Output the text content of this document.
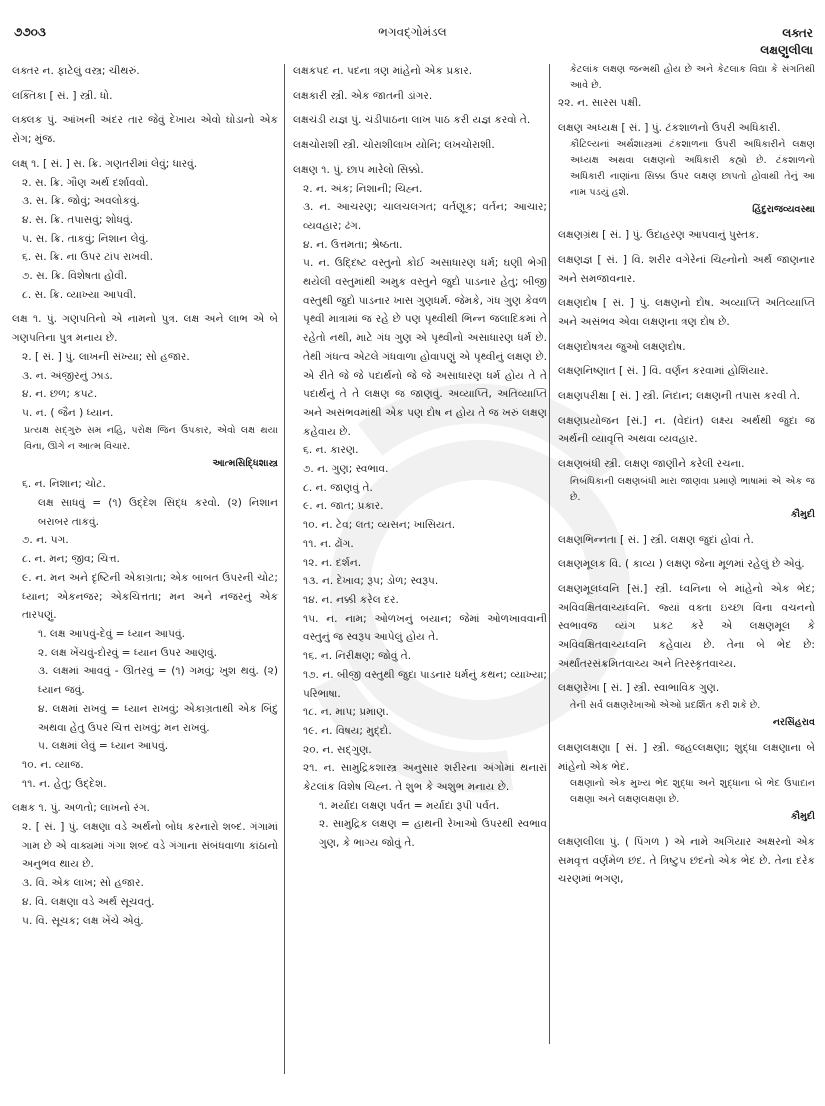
૭૭૦૩	ભગવદ્ગોમંડલ	લક્તર
લક્ષણુલીલા

લક્તર ન. ફાટેલું વસ્ત્ર; ચીથરું.

લક્તિકા [ સં. ] સ્ત્રી. ધો.

લક્લક પું. આંખની અંદર તાર જેવું દેખાય એવો ઘોડાનો એક રોગ; મુંજ.

લક્ષ્ ૧. [ સં. ] સ. ક્રિ. ગણતરીમાં લેવું; ધારવું.

૨. સ. ક્રિ. ગૌણ અર્થ દર્શાવવો.

૩. સ. ક્રિ. જોવું; અવલોકવું.

૪. સ. ક્રિ. તપાસવું; શોધવું.

૫. સ. ક્રિ. તાકવું; નિશાન લેવું.

૬. સ. ક્રિ. ના ઉપર ટાંપ રાખવી.

૭. સ. ક્રિ. વિશેષતા હોવી.

૮. સ. ક્રિ. વ્યાખ્યા આપવી.

લક્ષ ૧. પું. ગણપતિનો એ નામનો પુત્ર. લક્ષ અને લાભ એ બે ગણપતિના પુત્ર મનાય છે.

૨. [ સં. ] પું. લાખની સંખ્યા; સો હજાર.

૩. ન. અંજીરનું ઝાડ.

૪. ન. છળ; કપટ.

૫. ન. ( જૈન ) ધ્યાન.

પ્રત્યક્ષ સદ્ગુરુ સમ નહિ, પરોક્ષ જિન ઉપકાર, એવો લક્ષ થયા વિના, ઊગે ન આત્મ વિચાર.

આત્મસિદ્ધિશાસ્ત્ર

૬. ન. નિશાન; ચોટ.

લક્ષ સાધવું = (૧) ઉદ્દેશ સિદ્ધ કરવો. (૨) નિશાન બરાબર તાકવું.

૭. ન. પગ.

૮. ન. મન; જીવ; ચિત્ત.

૯. ન. મન અને દૃષ્ટિની એકાગ્રતા; એક બાબત ઉપરની ચોટ; ધ્યાન; એકનજર; એકચિત્તતા; મન અને નજરનું એક તારપણું.

૧. લક્ષ આપવું-દેવું = ધ્યાન આપવું.

૨. લક્ષ ખેંચવું-દોરવું = ધ્યાન ઉપર આણવું.

૩. લક્ષમાં આવવું - ઊતરવું = (૧) ગમવું; ખુશ થવું. (૨) ધ્યાન જવું.

૪. લક્ષમાં રાખવું = ધ્યાન રાખવું; એકાગ્રતાથી એક બિંદુ અથવા હેતુ ઉપર ચિત્ત રાખવું; મન રાખવું.

૫. લક્ષમાં લેવું = ધ્યાન આપવું.

૧૦. ન. વ્યાજ.

૧૧. ન. હેતુ; ઉદ્દેશ.

લક્ષક ૧. પું. અળતો; લાખનો રંગ.

૨. [ સં. ] પું. લક્ષણા વડે અર્થનો બોધ કરનારો શબ્દ. ગંગામાં ગામ છે એ વાક્યમાં ગંગા શબ્દ વડે ગંગાના સંબંધવાળા કાંઠાનો અનુભવ થાય છે.

૩. વિ. એક લાખ; સો હજાર.

૪. વિ. લક્ષણા વડે અર્થ સૂચવતું.

૫. વિ. સૂચક; લક્ષ ખેંચે એવું.

લક્ષકપદ ન. પદના ત્રણ માંહેનો એક પ્રકાર.

લક્ષકારી સ્ત્રી. એક જાતની ડાંગર.

લક્ષચંડી યજ્ઞ પું. ચંડીપાઠના લાખ પાઠ કરી યજ્ઞ કરવો તે.

લક્ષચોરાશી સ્ત્રી. ચોરાશીલાખ યોનિ; લખચોરાશી.

લક્ષણ ૧. પું. છાપ મારેલો સિક્કો.

૨. ન. અંક; નિશાની; ચિહ્ન.

૩. ન. આચરણ; ચાલચલગત; વર્તણૂક; વર્તન; આચાર; વ્યવહાર; ઢંગ.

૪. ન. ઉત્તમતા; શ્રેષ્ઠતા.

૫. ન. ઉદ્દિષ્ટ વસ્તુનો કોઈ અસાધારણ ધર્મ; ઘણી ભેગી થયેલી વસ્તુમાંથી અમુક વસ્તુને જુદો પાડનાર હેતુ; બીજી વસ્તુથી જુદો પાડનાર ખાસ ગુણધર્મ. જેમકે, ગંધ ગુણ કેવળ પૃથ્વી માત્રામાં જ રહે છે પણ પૃથ્વીથી ભિન્ન જલાદિકમાં તે રહેતો નથી, માટે ગંધ ગુણ એ પૃથ્વીનો અસાધારણ ધર્મ છે. તેથી ગંધત્વ એટલે ગંધવાળા હોવાપણું એ પૃથ્વીનું લક્ષણ છે. એ રીતે જે જે પદાર્થનો જે જે અસાધારણ ધર્મ હોય તે તે પદાર્થનું તે તે લક્ષણ જ જાણવું. અવ્યાપ્તિ, અતિવ્યાપ્તિ અને અસંભવમાંથી એક પણ દોષ ન હોય તે જ ખરું લક્ષણ કહેવાય છે.

૬. ન. કારણ.

૭. ન. ગુણ; સ્વભાવ.

૮. ન. જાણવું તે.

૯. ન. જાત; પ્રકાર.

૧૦. ન. ટેવ; લત; વ્યસન; ખાસિયત.

૧૧. ન. ઢોંગ.

૧૨. ન. દર્શન.

૧૩. ન. દેખાવ; રૂપ; ડોળ; સ્વરૂપ.

૧૪. ન. નક્કી કરેલ દર.

૧૫. ન. નામ; ઓળખનું બયાન; જેમાં ઓળખાવવાની વસ્તુનું જ સ્વરૂપ આપેલું હોય તે.

૧૬. ન. નિરીક્ષણ; જોવું તે.

૧૭. ન. બીજી વસ્તુથી જુદા પાડનાર ધર્મનું કથન; વ્યાખ્યા; પરિભાષા.

૧૮. ન. માપ; પ્રમાણ.

૧૯. ન. વિષય; મુદ્દો.

૨૦. ન. સદ્ગુણ.

૨૧. ન. સામુદ્રિકશાસ્ત્ર અનુસાર શરીરના અંગોમાં થનારાં કેટલાંક વિશેષ ચિહ્ન. તે શુભ કે અશુભ મનાય છે.

૧. મર્યાદા લક્ષણ પર્વત = મર્યાદા રૂપી પર્વત.

૨. સામુદ્રિક લક્ષણ = હાથની રેખાઓ ઉપરથી સ્વભાવ ગુણ, કે ભાગ્ય જોવું તે.

કેટલાંક લક્ષણ જન્મથી હોય છે અને કેટલાક વિદ્યા કે સંગતિથી આવે છે.

૨૨. ન. સારસ પક્ષી.

લક્ષણ અધ્યક્ષ [ સં. ] પું. ટંકશાળનો ઉપરી અધિકારી.

કૌટિલ્યનાં અર્થશાસ્ત્રમાં ટંકશાળના ઉપરી અધિકારીને લક્ષણ અધ્યક્ષ અથવા લક્ષણનો અધિકારી કહ્યો છે. ટંકશાળનો અધિકારી નાણાંના સિક્કા ઉપર લક્ષણ છાપતો હોવાથી તેનું આ નામ પડયું હશે.

હિંદુરાજવ્યવસ્થા

લક્ષણગ્રંથ [ સં. ] પું. ઉદાહરણ આપવાનું પુસ્તક.

લક્ષણજ્ઞ [ સં. ] વિ. શરીર વગેરેનાં ચિહ્નોનો અર્થ જાણનાર અને સમજાવનાર.

લક્ષણદોષ [ સં. ] પું. લક્ષણનો દોષ. અવ્યાપ્તિ અતિવ્યાપ્તિ અને અસંભવ એવા લક્ષણના ત્રણ દોષ છે.

લક્ષણદોષત્રય જુઓ લક્ષણદોષ.

લક્ષણનિષ્ણાત [ સં. ] વિ. વર્ણન કરવામાં હોશિયાર.

લક્ષણપરીક્ષા [ સં. ] સ્ત્રી. નિદાન; લક્ષણની તપાસ કરવી તે.

લક્ષણપ્રયોજન [સં.] ન. (વેદાંત) લક્ષ્ય અર્થથી જુદા જ અર્થની વ્યાવૃત્તિ અથવા વ્યવહાર.

લક્ષણબંધી સ્ત્રી. લક્ષણ જાણીને કરેલી રચના.

નિબંધિકાની લક્ષણબંધી મારા જાણવા પ્રમાણે ભાષામાં એ એક જ છે.

કૌમુદી

લક્ષણભિન્નતા [ સં. ] સ્ત્રી. લક્ષણ જુદાં હોવાં તે.

લક્ષણમૂલક વિ. ( કાવ્ય ) લક્ષણ જેના મૂળમાં રહેલું છે એવું.

લક્ષણમૂલધ્વનિ [સં.] સ્ત્રી. ધ્વનિના બે માંહેનો એક ભેદ; અવિવક્ષિતવાચ્યધ્વનિ. જ્યાં વક્તા ઇચ્છા વિના વચનનો સ્વભાવજ વ્યંગ પ્રકટ કરે એ લક્ષણમૂલ કે અવિવક્ષિતવાચ્યધ્વનિ કહેવાય છે. તેના બે ભેદ છે: અર્થાંતરસંક્રમિતવાચ્ય અને તિરસ્કૃતવાચ્ય.

લક્ષણરેખા [ સં. ] સ્ત્રી. સ્વાભાવિક ગુણ.

તેની સર્વ લક્ષણરેખાઓ એઓ પ્રદર્શિત કરી શકે છે.

નરસિંહરાવ

લક્ષણલક્ષણા [ સં. ] સ્ત્રી. જહલ્લક્ષણા; શુદ્ધા લક્ષણાના બે માંહેનો એક ભેદ.

લક્ષણાનો એક મુખ્ય ભેદ શુદ્ધા અને શુદ્ધાના બે ભેદ ઉપાદાન લક્ષણા અને લક્ષણલક્ષણા છે.

કૌમુદી

લક્ષણલીલા પું. ( પિંગળ ) એ નામે અગિયાર અક્ષરનો એક સમવૃત્ત વર્ણમેળ છંદ. તે ત્રિષ્ટુપ છંદનો એક ભેદ છે. તેના દરેક ચરણમાં ભગણ,
